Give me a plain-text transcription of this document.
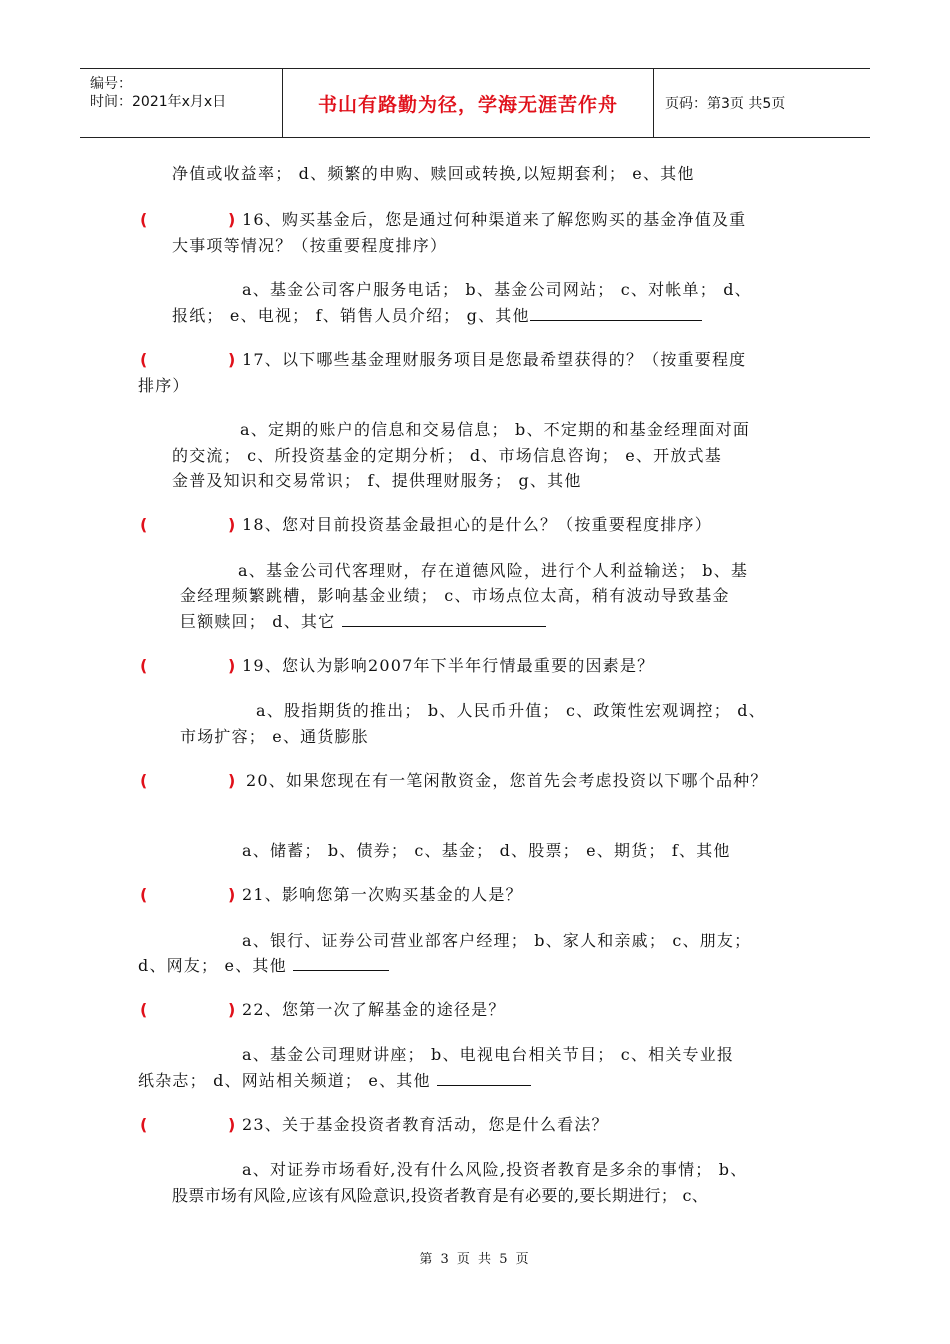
编号：
时间：2021年x月x日	书山有路勤为径，学海无涯苦作舟	页码：第3页 共5页
净值或收益率； d、频繁的申购、赎回或转换,以短期套利； e、其他
(	) 16、购买基金后，您是通过何种渠道来了解您购买的基金净值及重
大事项等情况？（按重要程度排序）
a、基金公司客户服务电话； b、基金公司网站； c、对帐单； d、
报纸； e、电视； f、销售人员介绍； g、其他
(	) 17、以下哪些基金理财服务项目是您最希望获得的？（按重要程度
排序）
a、定期的账户的信息和交易信息； b、不定期的和基金经理面对面
的交流； c、所投资基金的定期分析； d、市场信息咨询； e、开放式基
金普及知识和交易常识； f、提供理财服务； g、其他
(	) 18、您对目前投资基金最担心的是什么？（按重要程度排序）
a、基金公司代客理财，存在道德风险，进行个人利益输送； b、基
金经理频繁跳槽，影响基金业绩； c、市场点位太高，稍有波动导致基金
巨额赎回； d、其它
(	) 19、您认为影响2007年下半年行情最重要的因素是？
a、股指期货的推出； b、人民币升值； c、政策性宏观调控； d、
市场扩容； e、通货膨胀
(	) 20、如果您现在有一笔闲散资金，您首先会考虑投资以下哪个品种？
a、储蓄； b、债券； c、基金； d、股票； e、期货； f、其他
(	) 21、影响您第一次购买基金的人是？
a、银行、证券公司营业部客户经理； b、家人和亲戚； c、朋友；
d、网友； e、其他
(	) 22、您第一次了解基金的途径是？
a、基金公司理财讲座； b、电视电台相关节目； c、相关专业报
纸杂志； d、网站相关频道； e、其他
(	) 23、关于基金投资者教育活动，您是什么看法？
a、对证券市场看好,没有什么风险,投资者教育是多余的事情； b、
股票市场有风险,应该有风险意识,投资者教育是有必要的,要长期进行； c、
第 3 页 共 5 页
